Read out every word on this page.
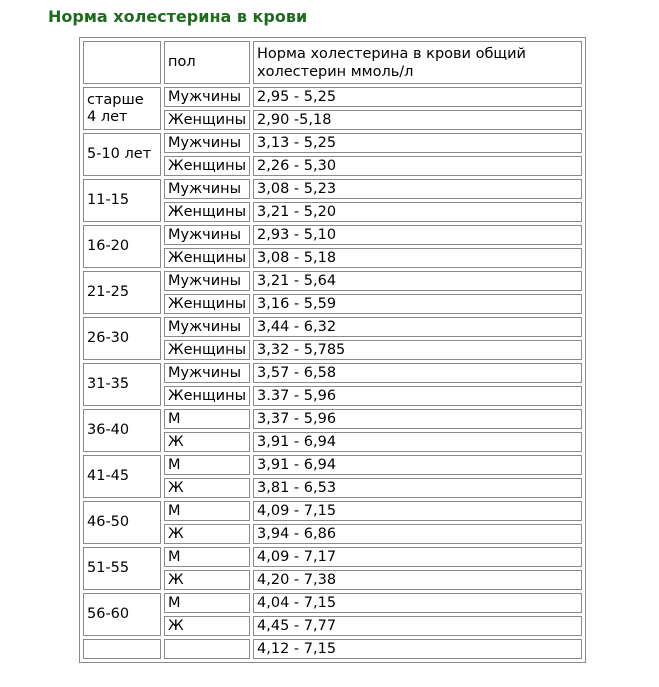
Норма холестерина в крови
	пол	Норма холестерина в крови общий холестерин ммоль/л
старше 4 лет	Мужчины	2,95 - 5,25
	Женщины	2,90 -5,18
5-10 лет	Мужчины	3,13 - 5,25
	Женщины	2,26 - 5,30
11-15	Мужчины	3,08 - 5,23
	Женщины	3,21 - 5,20
16-20	Мужчины	2,93 - 5,10
	Женщины	3,08 - 5,18
21-25	Мужчины	3,21 - 5,64
	Женщины	3,16 - 5,59
26-30	Мужчины	3,44 - 6,32
	Женщины	3,32 - 5,785
31-35	Мужчины	3,57 - 6,58
	Женщины	3.37 - 5,96
36-40	М	3,37 - 5,96
	Ж	3,91 - 6,94
41-45	М	3,91 - 6,94
	Ж	3,81 - 6,53
46-50	М	4,09 - 7,15
	Ж	3,94 - 6,86
51-55	М	4,09 - 7,17
	Ж	4,20 - 7,38
56-60	М	4,04 - 7,15
	Ж	4,45 - 7,77
		4,12 - 7,15
